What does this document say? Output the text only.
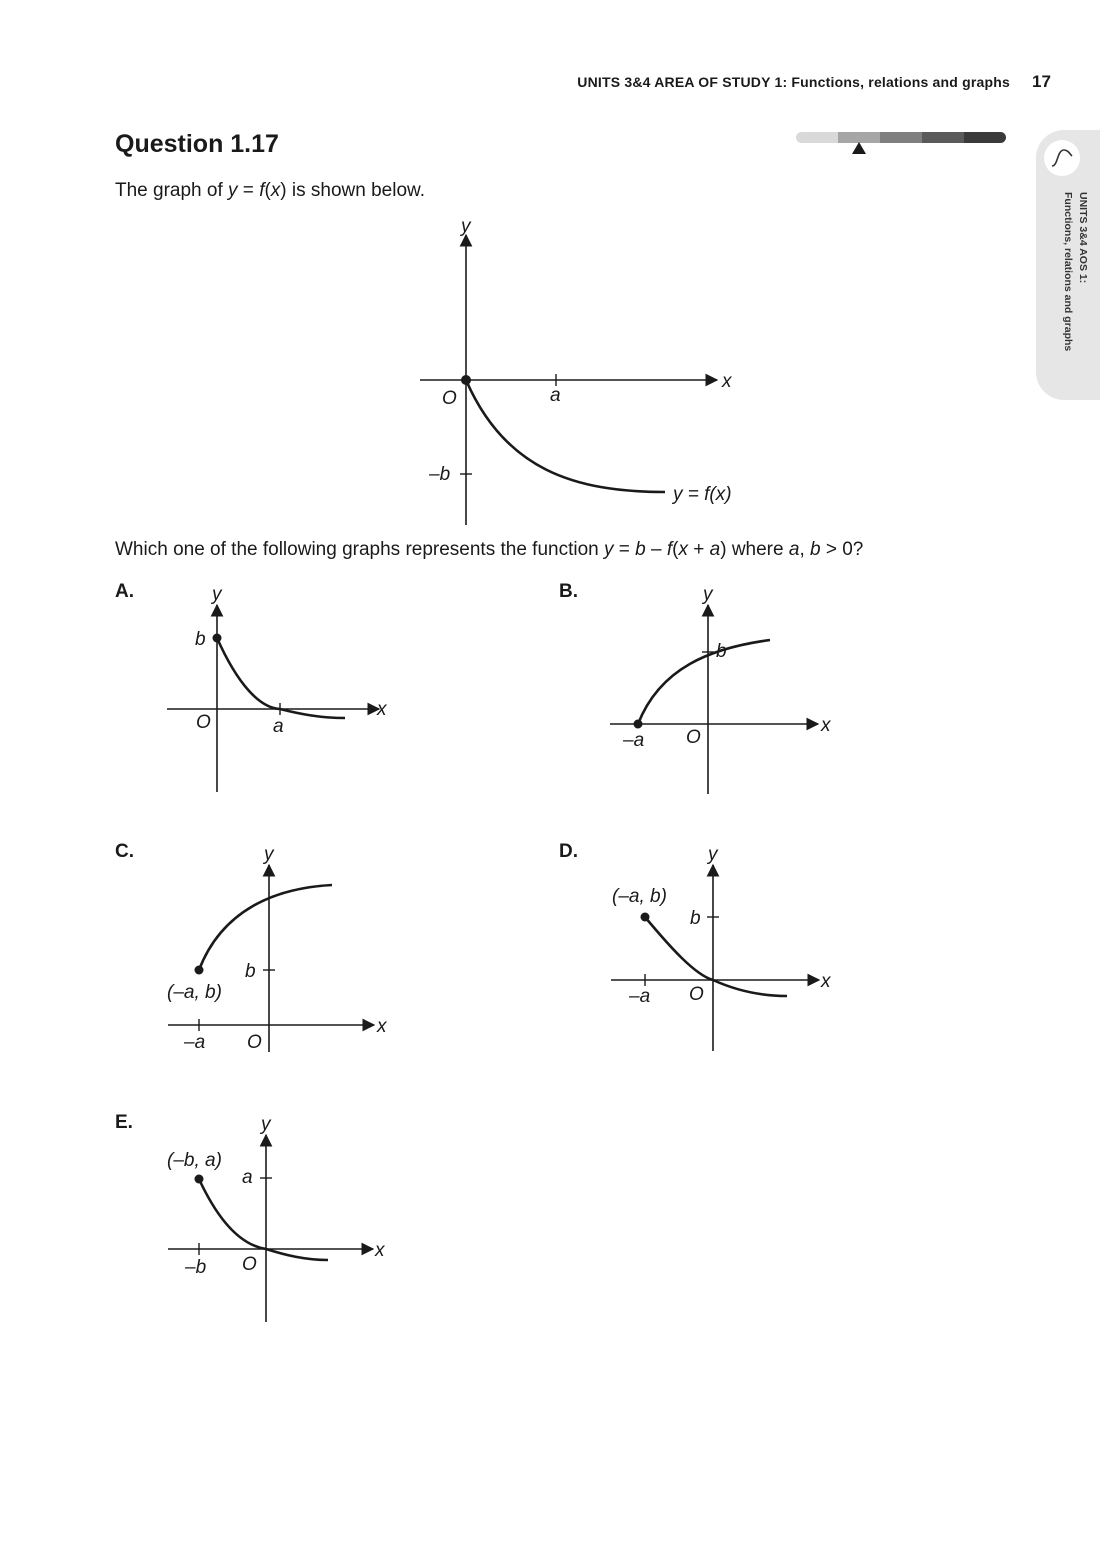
UNITS 3&4 AREA OF STUDY 1: Functions, relations and graphs 17
UNITS 3&4 AOS 1:
Functions, relations and graphs
Question 1.17
The graph of y = f(x) is shown below.
y
x
O	a
–b
y = f(x)
Which one of the following graphs represents the function y = b – f(x + a) where a, b > 0?
A.	y
x
b
O	a
B.	y
x
b
O
–a
C.	y
x
b
(–a, b)
–a O
D.	y
x
(–a, b)
b
–a O
E.	y
x
(–b, a)
a
–b O
